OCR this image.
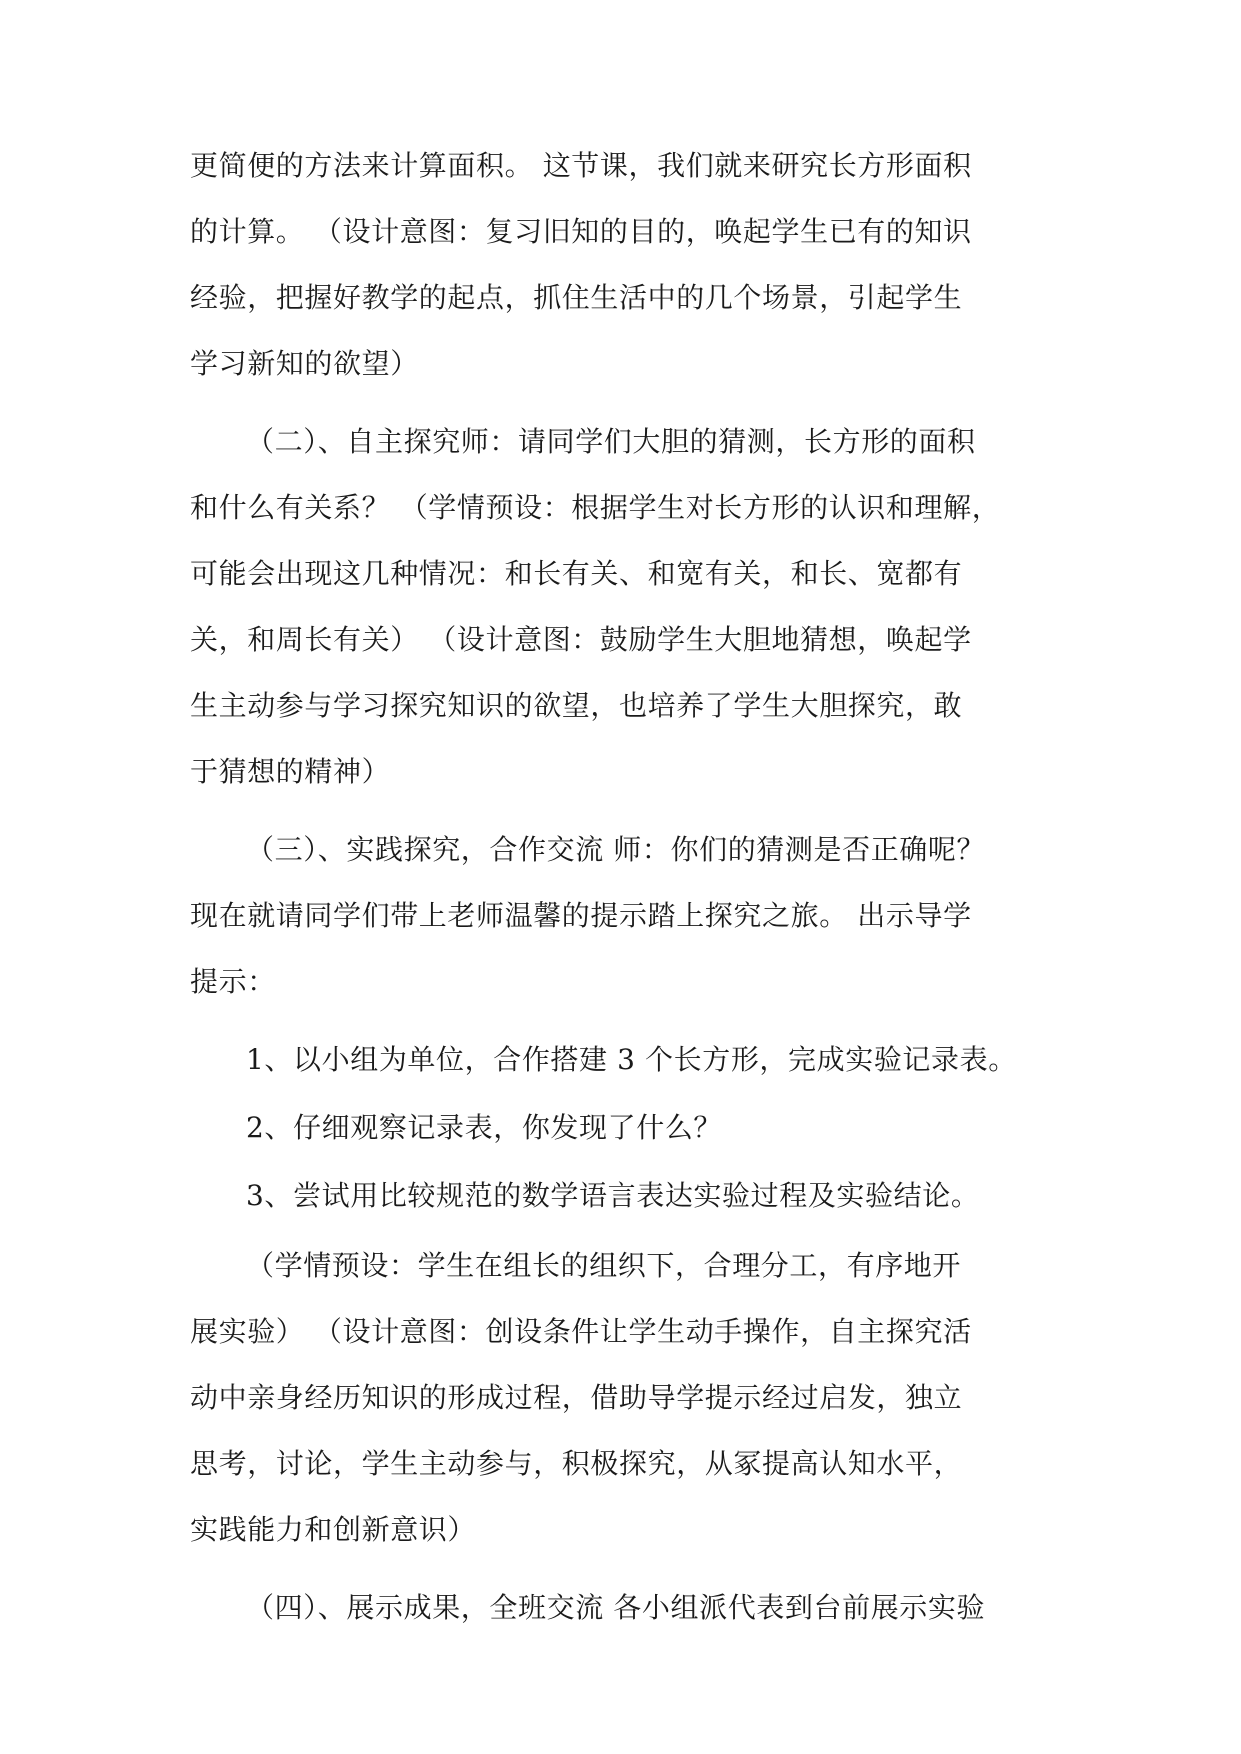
更简便的方法来计算面积。 这节课，我们就来研究长方形面积
的计算。 （设计意图：复习旧知的目的，唤起学生已有的知识
经验，把握好教学的起点，抓住生活中的几个场景，引起学生
学习新知的欲望）
（二）、自主探究师：请同学们大胆的猜测，长方形的面积
和什么有关系？ （学情预设：根据学生对长方形的认识和理解，
可能会出现这几种情况：和长有关、和宽有关，和长、宽都有
关，和周长有关） （设计意图：鼓励学生大胆地猜想，唤起学
生主动参与学习探究知识的欲望，也培养了学生大胆探究，敢
于猜想的精神）
（三）、实践探究，合作交流 师：你们的猜测是否正确呢？
现在就请同学们带上老师温馨的提示踏上探究之旅。 出示导学
提示：
1、以小组为单位，合作搭建 3 个长方形，完成实验记录表。
2、仔细观察记录表，你发现了什么？
3、尝试用比较规范的数学语言表达实验过程及实验结论。
（学情预设：学生在组长的组织下，合理分工，有序地开
展实验） （设计意图：创设条件让学生动手操作，自主探究活
动中亲身经历知识的形成过程，借助导学提示经过启发，独立
思考，讨论，学生主动参与，积极探究，从冢提高认知水平，
实践能力和创新意识）
（四）、展示成果，全班交流 各小组派代表到台前展示实验
